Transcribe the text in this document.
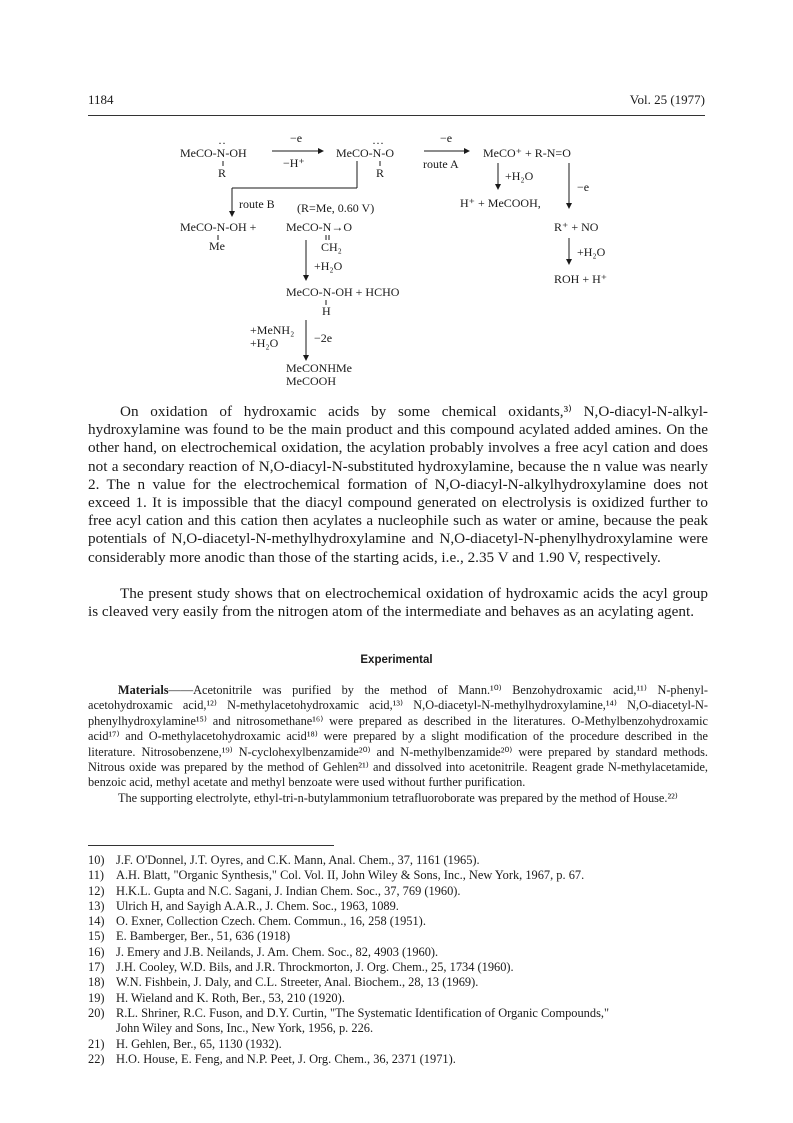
1184	Vol. 25 (1977)
MeCO-N-OH
··
R
−e
−H⁺
MeCO-N-O
···
R
−e
route A
MeCO⁺ + R-N=O
route B (R=Me, 0.60 V)
+H₂O
−e
H⁺ + MeCOOH,
MeCO-N-OH +
Me
MeCO-N→O
CH₂
R⁺ + NO
+H₂O
ROH + H⁺
+H₂O
MeCO-N-OH + HCHO
H
+MeNH₂
+H₂O	−2e
MeCONHMe
MeCOOH

On oxidation of hydroxamic acids by some chemical oxidants,³⁾ N,O-diacyl-N-alkyl-hydroxylamine was found to be the main product and this compound acylated added amines. On the other hand, on electrochemical oxidation, the acylation probably involves a free acyl cation and does not a secondary reaction of N,O-diacyl-N-substituted hydroxylamine, because the n value was nearly 2. The n value for the electrochemical formation of N,O-diacyl-N-alkylhydroxylamine does not exceed 1. It is impossible that the diacyl compound generated on electrolysis is oxidized further to free acyl cation and this cation then acylates a nucleophile such as water or amine, because the peak potentials of N,O-diacetyl-N-methylhydroxylamine and N,O-diacetyl-N-phenylhydroxylamine were considerably more anodic than those of the starting acids, i.e., 2.35 V and 1.90 V, respectively.

The present study shows that on electrochemical oxidation of hydroxamic acids the acyl group is cleaved very easily from the nitrogen atom of the intermediate and behaves as an acylating agent.

Experimental

Materials——Acetonitrile was purified by the method of Mann.¹⁰⁾ Benzohydroxamic acid,¹¹⁾ N-phenyl-acetohydroxamic acid,¹²⁾ N-methylacetohydroxamic acid,¹³⁾ N,O-diacetyl-N-methylhydroxylamine,¹⁴⁾ N,O-diacetyl-N-phenylhydroxylamine¹⁵⁾ and nitrosomethane¹⁶⁾ were prepared as described in the literatures. O-Methylbenzohydroxamic acid¹⁷⁾ and O-methylacetohydroxamic acid¹⁸⁾ were prepared by a slight modification of the procedure described in the literature. Nitrosobenzene,¹⁹⁾ N-cyclohexylbenzamide²⁰⁾ and N-methylbenzamide²⁰⁾ were prepared by standard methods. Nitrous oxide was prepared by the method of Gehlen²¹⁾ and dissolved into acetonitrile. Reagent grade N-methylacetamide, benzoic acid, methyl acetate and methyl benzoate were used without further purification.

The supporting electrolyte, ethyl-tri-n-butylammonium tetrafluoroborate was prepared by the method of House.²²⁾

10) J.F. O'Donnel, J.T. Oyres, and C.K. Mann, Anal. Chem., 37, 1161 (1965).
11) A.H. Blatt, "Organic Synthesis," Col. Vol. II, John Wiley & Sons, Inc., New York, 1967, p. 67.
12) H.K.L. Gupta and N.C. Sagani, J. Indian Chem. Soc., 37, 769 (1960).
13) Ulrich H, and Sayigh A.A.R., J. Chem. Soc., 1963, 1089.
14) O. Exner, Collection Czech. Chem. Commun., 16, 258 (1951).
15) E. Bamberger, Ber., 51, 636 (1918)
16) J. Emery and J.B. Neilands, J. Am. Chem. Soc., 82, 4903 (1960).
17) J.H. Cooley, W.D. Bils, and J.R. Throckmorton, J. Org. Chem., 25, 1734 (1960).
18) W.N. Fishbein, J. Daly, and C.L. Streeter, Anal. Biochem., 28, 13 (1969).
19) H. Wieland and K. Roth, Ber., 53, 210 (1920).
20) R.L. Shriner, R.C. Fuson, and D.Y. Curtin, "The Systematic Identification of Organic Compounds,"
John Wiley and Sons, Inc., New York, 1956, p. 226.
21) H. Gehlen, Ber., 65, 1130 (1932).
22) H.O. House, E. Feng, and N.P. Peet, J. Org. Chem., 36, 2371 (1971).
